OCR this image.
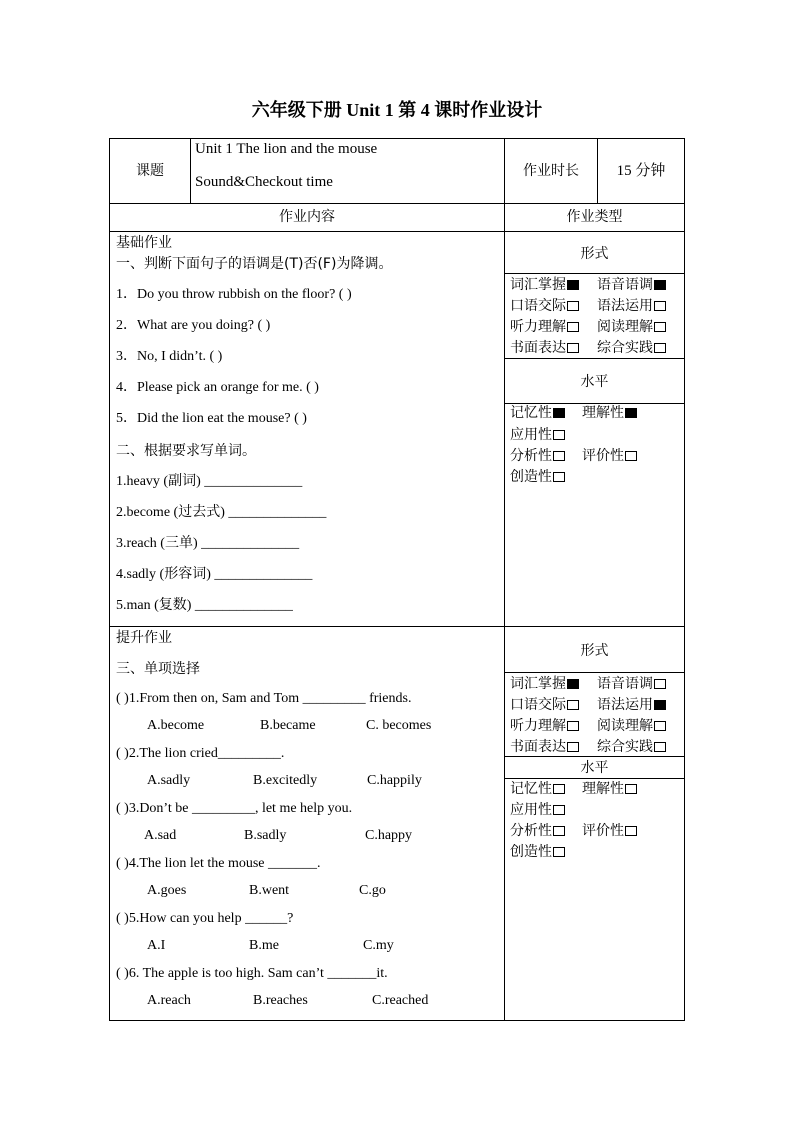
六年级下册 Unit 1 第 4 课时作业设计
课题
Unit 1 The lion and the mouse
Sound&Checkout time
作业时长	15 分钟
作业内容	作业类型
基础作业
一、判断下面句子的语调是(T)否(F)为降调。
1．Do you throw rubbish on the floor? ( )
2．What are you doing? ( )
3．No, I didn’t. ( )
4．Please pick an orange for me. ( )
5．Did the lion eat the mouse? ( )
二、根据要求写单词。
1.heavy (副词) ______________
2.become (过去式) ______________
3.reach (三单) ______________
4.sadly (形容词) ______________
5.man (复数) ______________
形式
水平
词汇掌握	语音语调
口语交际	语法运用
听力理解	阅读理解
书面表达	综合实践
记忆性	理解性
应用性
分析性	评价性
创造性
提升作业
三、单项选择
( )1.From then on, Sam and Tom _________ friends.
A.become	B.became	C. becomes
( )2.The lion cried_________.
A.sadly	B.excitedly	C.happily
( )3.Don’t be _________, let me help you.
A.sad	B.sadly	C.happy
( )4.The lion let the mouse _______.
A.goes	B.went	C.go
( )5.How can you help ______?
A.I	B.me	C.my
( )6. The apple is too high. Sam can’t _______it.
A.reach	B.reaches	C.reached
形式
水平
词汇掌握	语音语调
口语交际	语法运用
听力理解	阅读理解
书面表达	综合实践
记忆性	理解性
应用性
分析性	评价性
创造性
